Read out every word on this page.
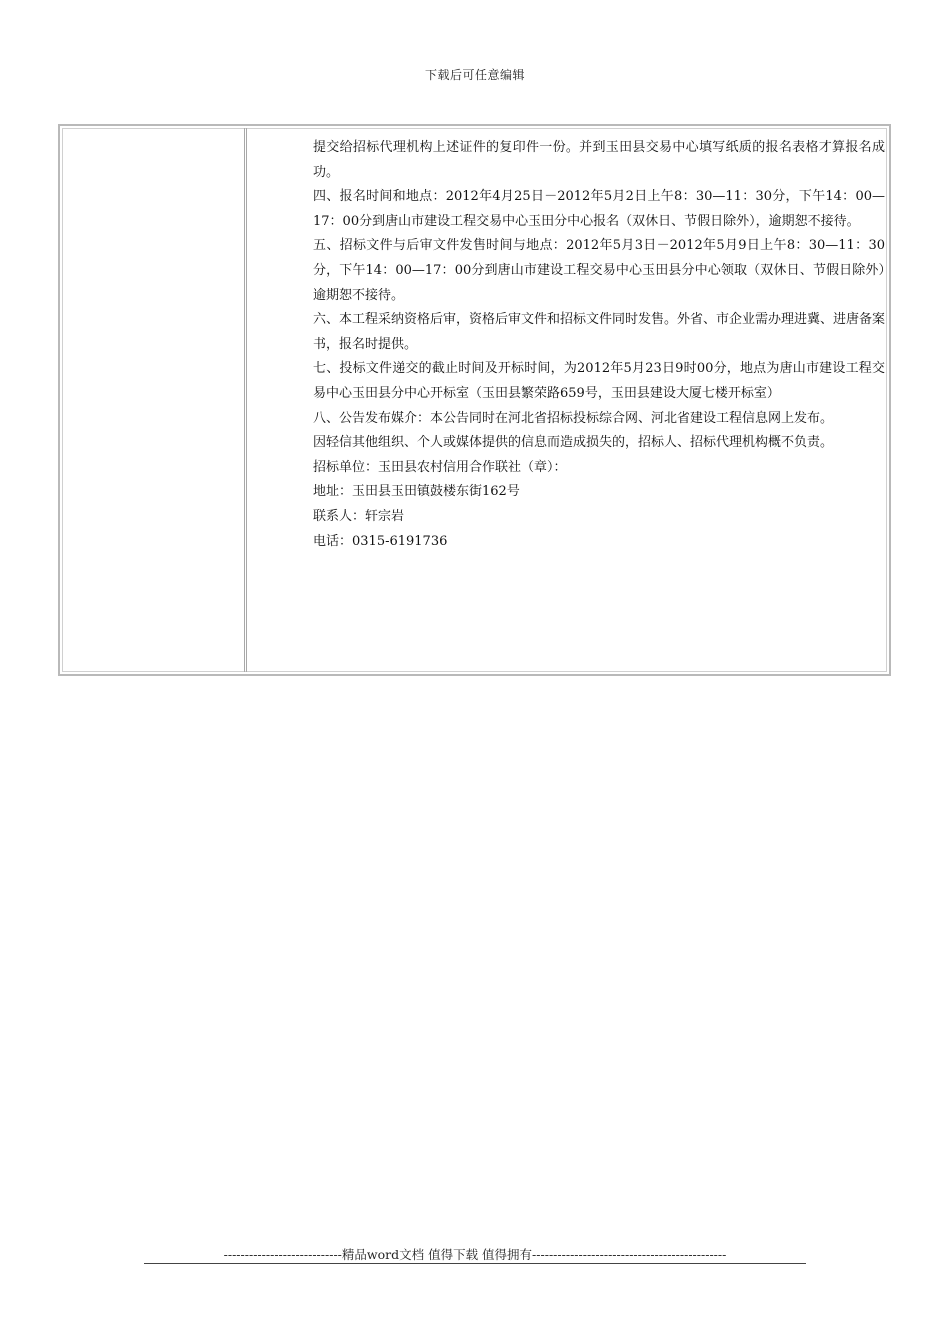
下载后可任意编辑

提交给招标代理机构上述证件的复印件一份。并到玉田县交易中心填写纸质的报名表格才算报名成功。

四、报名时间和地点：2012年4月25日－2012年5月2日上午8：30—11：30分，下午14：00—17：00分到唐山市建设工程交易中心玉田分中心报名（双休日、节假日除外），逾期恕不接待。

五、招标文件与后审文件发售时间与地点：2012年5月3日－2012年5月9日上午8：30—11：30分，下午14：00—17：00分到唐山市建设工程交易中心玉田县分中心领取（双休日、节假日除外）逾期恕不接待。

六、本工程采纳资格后审，资格后审文件和招标文件同时发售。外省、市企业需办理进冀、进唐备案书，报名时提供。

七、投标文件递交的截止时间及开标时间，为2012年5月23日9时00分，地点为唐山市建设工程交易中心玉田县分中心开标室（玉田县繁荣路659号，玉田县建设大厦七楼开标室）

八、公告发布媒介：本公告同时在河北省招标投标综合网、河北省建设工程信息网上发布。

因轻信其他组织、个人或媒体提供的信息而造成损失的，招标人、招标代理机构概不负责。

招标单位：玉田县农村信用合作联社（章）：

地址：玉田县玉田镇鼓楼东街162号

联系人：轩宗岩

电话：0315-6191736

----------------------------精品word文档 值得下载 值得拥有----------------------------------------------
